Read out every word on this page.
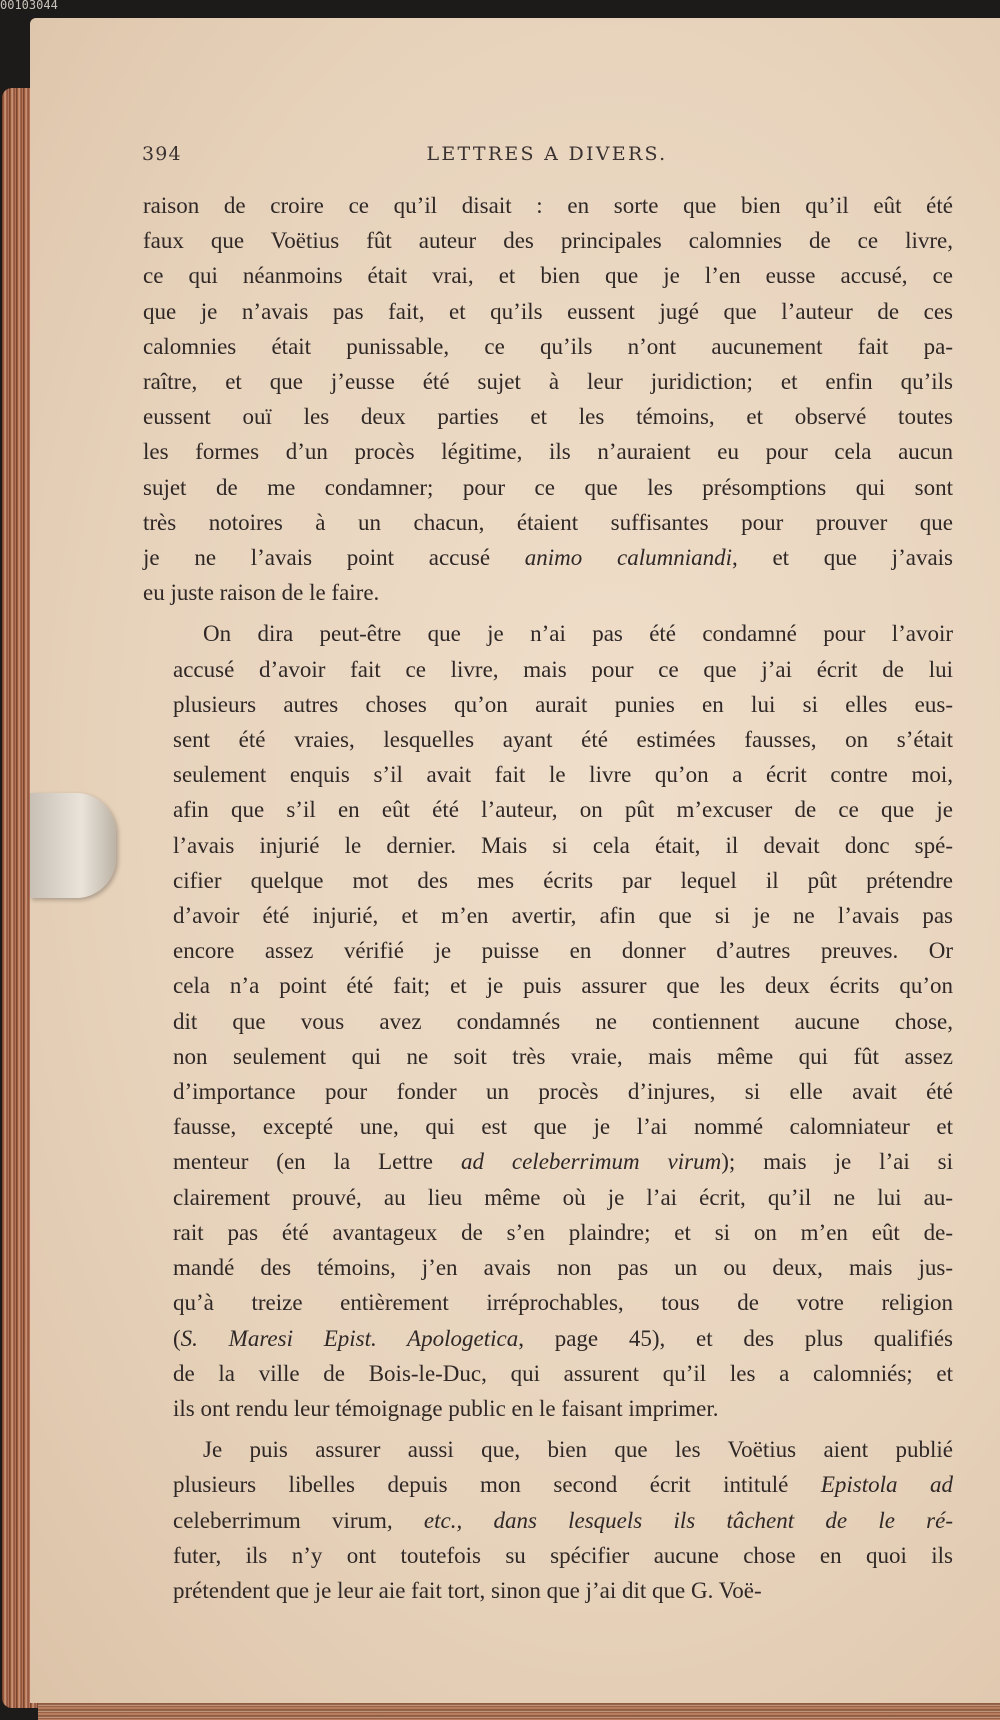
00103044
LETTRES A DIVERS.
394
raison de croire ce qu’il disait : en sorte que bien qu’il eût été
faux que Voëtius fût auteur des principales calomnies de ce livre,
ce qui néanmoins était vrai, et bien que je l’en eusse accusé, ce
que je n’avais pas fait, et qu’ils eussent jugé que l’auteur de ces
calomnies était punissable, ce qu’ils n’ont aucunement fait pa-
raître, et que j’eusse été sujet à leur juridiction; et enfin qu’ils
eussent ouï les deux parties et les témoins, et observé toutes
les formes d’un procès légitime, ils n’auraient eu pour cela aucun
sujet de me condamner; pour ce que les présomptions qui sont
très notoires à un chacun, étaient suffisantes pour prouver que
je ne l’avais point accusé animo calumniandi, et que j’avais
eu juste raison de le faire.
On dira peut-être que je n’ai pas été condamné pour l’avoir
accusé d’avoir fait ce livre, mais pour ce que j’ai écrit de lui
plusieurs autres choses qu’on aurait punies en lui si elles eus-
sent été vraies, lesquelles ayant été estimées fausses, on s’était
seulement enquis s’il avait fait le livre qu’on a écrit contre moi,
afin que s’il en eût été l’auteur, on pût m’excuser de ce que je
l’avais injurié le dernier. Mais si cela était, il devait donc spé-
cifier quelque mot des mes écrits par lequel il pût prétendre
d’avoir été injurié, et m’en avertir, afin que si je ne l’avais pas
encore assez vérifié je puisse en donner d’autres preuves. Or
cela n’a point été fait; et je puis assurer que les deux écrits qu’on
dit que vous avez condamnés ne contiennent aucune chose,
non seulement qui ne soit très vraie, mais même qui fût assez
d’importance pour fonder un procès d’injures, si elle avait été
fausse, excepté une, qui est que je l’ai nommé calomniateur et
menteur (en la Lettre ad celeberrimum virum); mais je l’ai si
clairement prouvé, au lieu même où je l’ai écrit, qu’il ne lui au-
rait pas été avantageux de s’en plaindre; et si on m’en eût de-
mandé des témoins, j’en avais non pas un ou deux, mais jus-
qu’à treize entièrement irréprochables, tous de votre religion
(S. Maresi Epist. Apologetica, page 45), et des plus qualifiés
de la ville de Bois-le-Duc, qui assurent qu’il les a calomniés; et
ils ont rendu leur témoignage public en le faisant imprimer.
Je puis assurer aussi que, bien que les Voëtius aient publié
plusieurs libelles depuis mon second écrit intitulé Epistola ad
celeberrimum virum, etc., dans lesquels ils tâchent de le ré-
futer, ils n’y ont toutefois su spécifier aucune chose en quoi ils
prétendent que je leur aie fait tort, sinon que j’ai dit que G. Voë-
